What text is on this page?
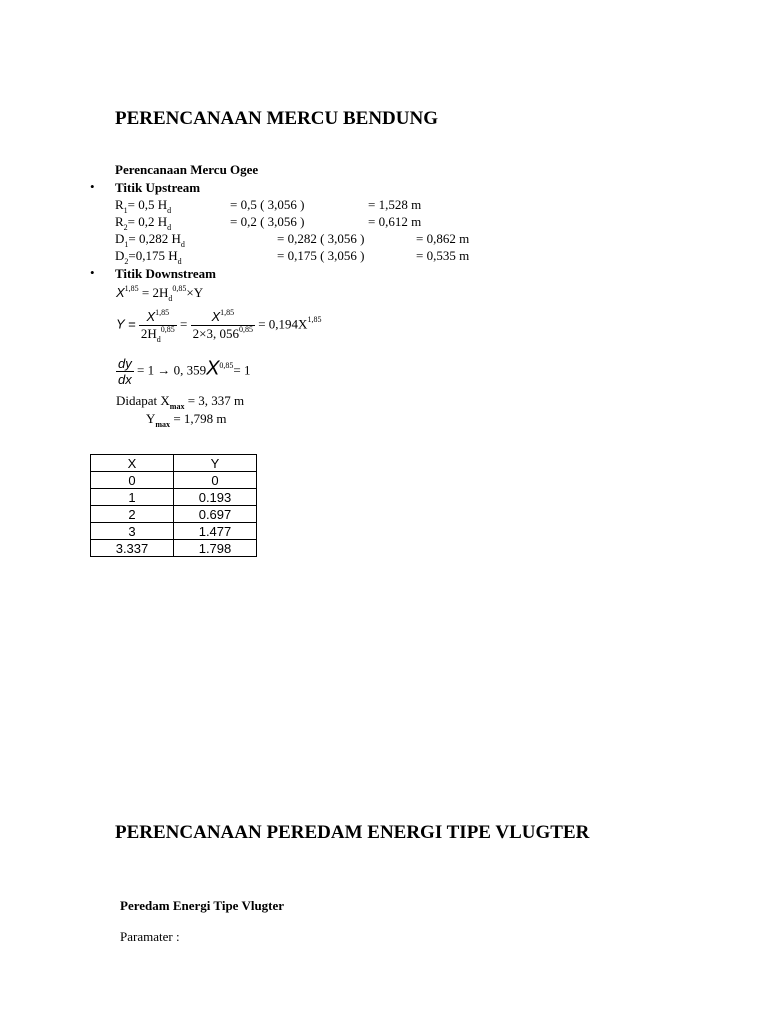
PERENCANAAN MERCU BENDUNG
Perencanaan Mercu Ogee
• Titik Upstream
$R_1= 0,5$ $H_d$	= 0,5 ( 3,056 )	= 1,528 m
$R_2= 0,2$ $H_d$	= 0,2 ( 3,056 )	= 0,612 m
$D_1= 0,282$ $H_d$	= 0,282 ( 3,056 )	= 0,862 m
$D_2=0,175$ $H_d$	= 0,175 ( 3,056 )	= 0,535 m
• Titik Downstream
$X^{1,85} = 2H_d^{0,85}\times Y$
$Y = \frac{X^{1,85}}{2H_d^{0,85}} = \frac{X^{1,85}}{2\times 3, 056^{0,85}} = 0,194X^{1,85}$
$\frac{dy}{dx} = 1 \to 0$, $359X^{0,85}= 1$
Didapat $X_{max} = 3$, 337 m
$Y_{max} = 1,798$ m
X	Y
0	0
1	0.193
2	0.697
3	1.477
3.337	1.798
PERENCANAAN PEREDAM ENERGI TIPE VLUGTER
Peredam Energi Tipe Vlugter
Paramater :
